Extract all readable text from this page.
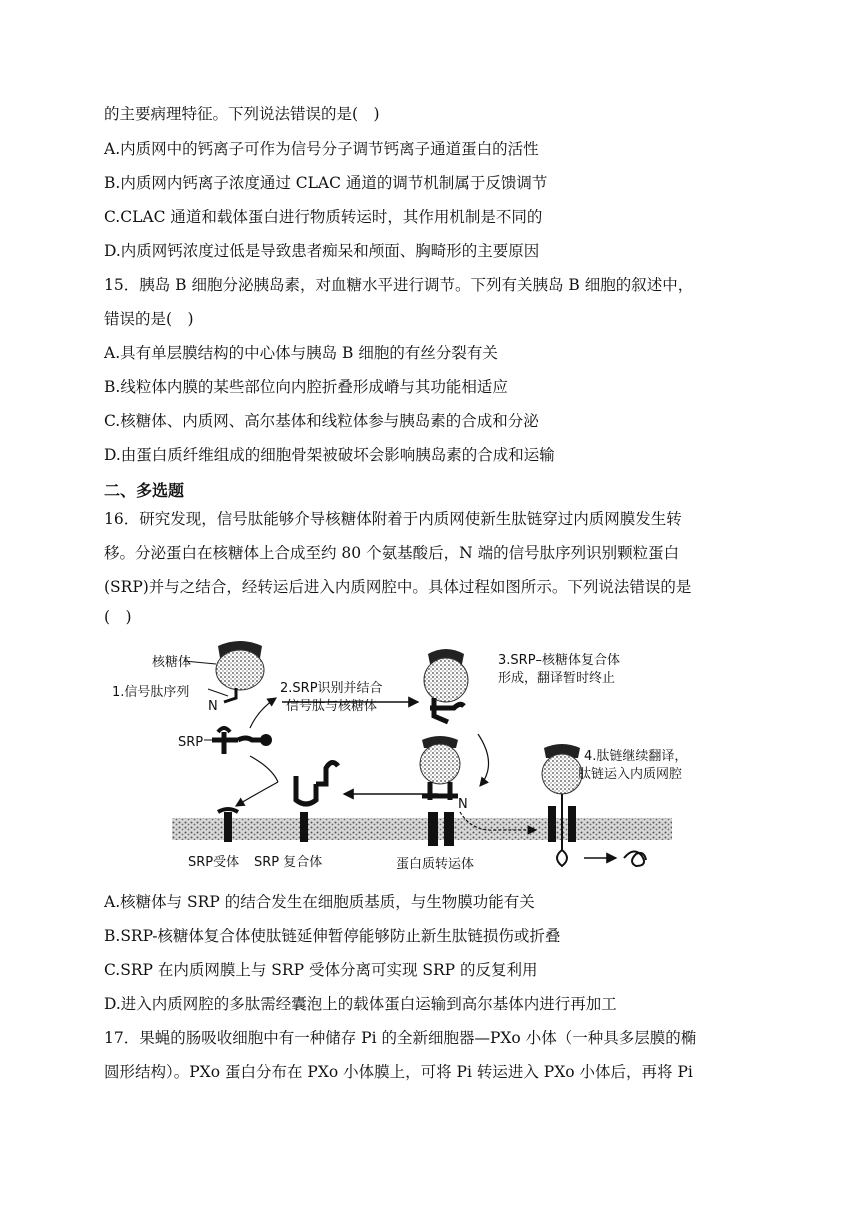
的主要病理特征。下列说法错误的是(　)
A.内质网中的钙离子可作为信号分子调节钙离子通道蛋白的活性
B.内质网内钙离子浓度通过 CLAC 通道的调节机制属于反馈调节
C.CLAC 通道和载体蛋白进行物质转运时，其作用机制是不同的
D.内质网钙浓度过低是导致患者痴呆和颅面、胸畸形的主要原因
15．胰岛 B 细胞分泌胰岛素，对血糖水平进行调节。下列有关胰岛 B 细胞的叙述中，
错误的是(　)
A.具有单层膜结构的中心体与胰岛 B 细胞的有丝分裂有关
B.线粒体内膜的某些部位向内腔折叠形成嵴与其功能相适应
C.核糖体、内质网、高尔基体和线粒体参与胰岛素的合成和分泌
D.由蛋白质纤维组成的细胞骨架被破坏会影响胰岛素的合成和运输
二、多选题
16．研究发现，信号肽能够介导核糖体附着于内质网使新生肽链穿过内质网膜发生转
移。分泌蛋白在核糖体上合成至约 80 个氨基酸后，N 端的信号肽序列识别颗粒蛋白
(SRP)并与之结合，经转运后进入内质网腔中。具体过程如图所示。下列说法错误的是
(　)
核糖体
1.信号肽序列
N
2.SRP识别并结合
信号肽与核糖体
3.SRP–核糖体复合体
形成，翻译暂时终止
SRP
4.肽链继续翻译，
肽链运入内质网腔
N
SRP受体 SRP 复合体	蛋白质转运体
A.核糖体与 SRP 的结合发生在细胞质基质，与生物膜功能有关
B.SRP-核糖体复合体使肽链延伸暂停能够防止新生肽链损伤或折叠
C.SRP 在内质网膜上与 SRP 受体分离可实现 SRP 的反复利用
D.进入内质网腔的多肽需经囊泡上的载体蛋白运输到高尔基体内进行再加工
17．果蝇的肠吸收细胞中有一种储存 Pi 的全新细胞器—PXo 小体（一种具多层膜的椭
圆形结构）。PXo 蛋白分布在 PXo 小体膜上，可将 Pi 转运进入 PXo 小体后，再将 Pi
